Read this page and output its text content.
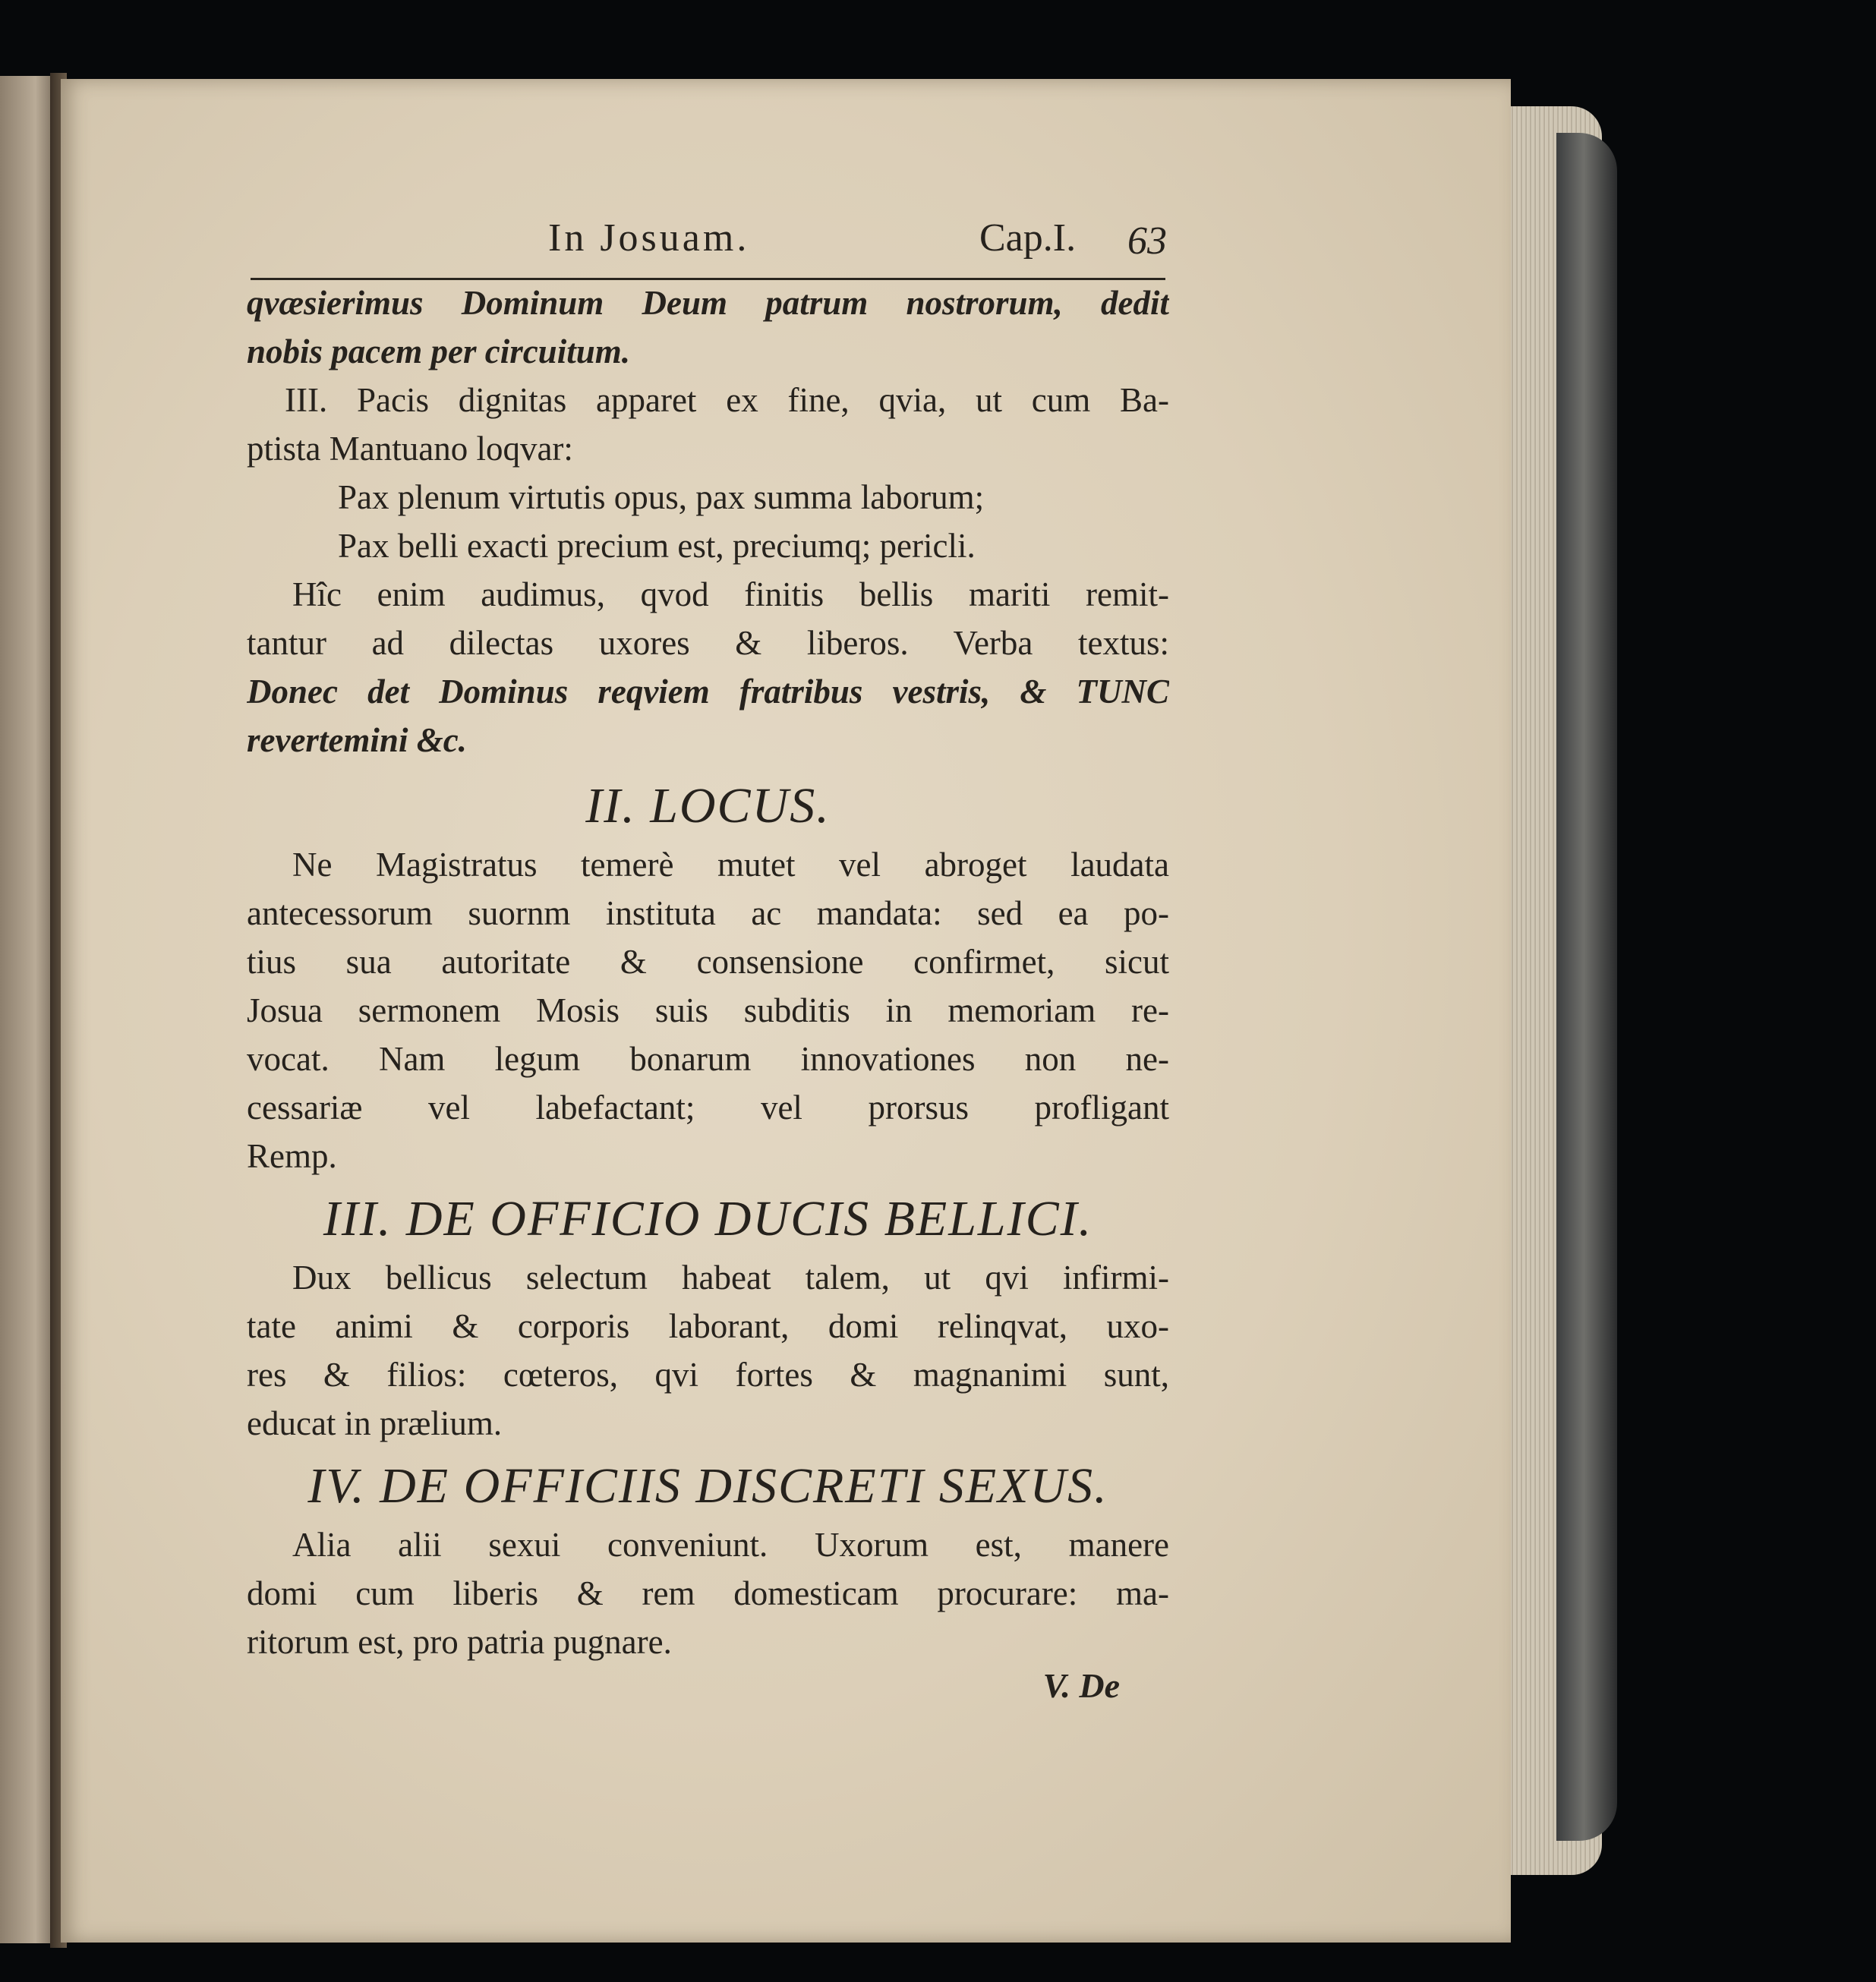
In Josuam.	Cap.I. 63

qvæsierimus Dominum Deum patrum nostrorum, dedit

nobis pacem per circuitum.

III. Pacis dignitas apparet ex fine, qvia, ut cum Ba-

ptista Mantuano loqvar:

Pax plenum virtutis opus, pax summa laborum;

Pax belli exacti precium est, preciumq; pericli.

Hîc enim audimus, qvod finitis bellis mariti remit-

tantur ad dilectas uxores & liberos. Verba textus:

Donec det Dominus reqviem fratribus vestris, & TUNC

revertemini &c.

II. LOCUS.

Ne Magistratus temerè mutet vel abroget laudata

antecessorum suornm instituta ac mandata: sed ea po-

tius sua autoritate & consensione confirmet, sicut

Josua sermonem Mosis suis subditis in memoriam re-

vocat. Nam legum bonarum innovationes non ne-

cessariæ vel labefactant; vel prorsus profligant

Remp.

III. DE OFFICIO DUCIS BELLICI.

Dux bellicus selectum habeat talem, ut qvi infirmi-

tate animi & corporis laborant, domi relinqvat, uxo-

res & filios: cœteros, qvi fortes & magnanimi sunt,

educat in prælium.

IV. DE OFFICIIS DISCRETI SEXUS.

Alia alii sexui conveniunt. Uxorum est, manere

domi cum liberis & rem domesticam procurare: ma-

ritorum est, pro patria pugnare.

V. De
